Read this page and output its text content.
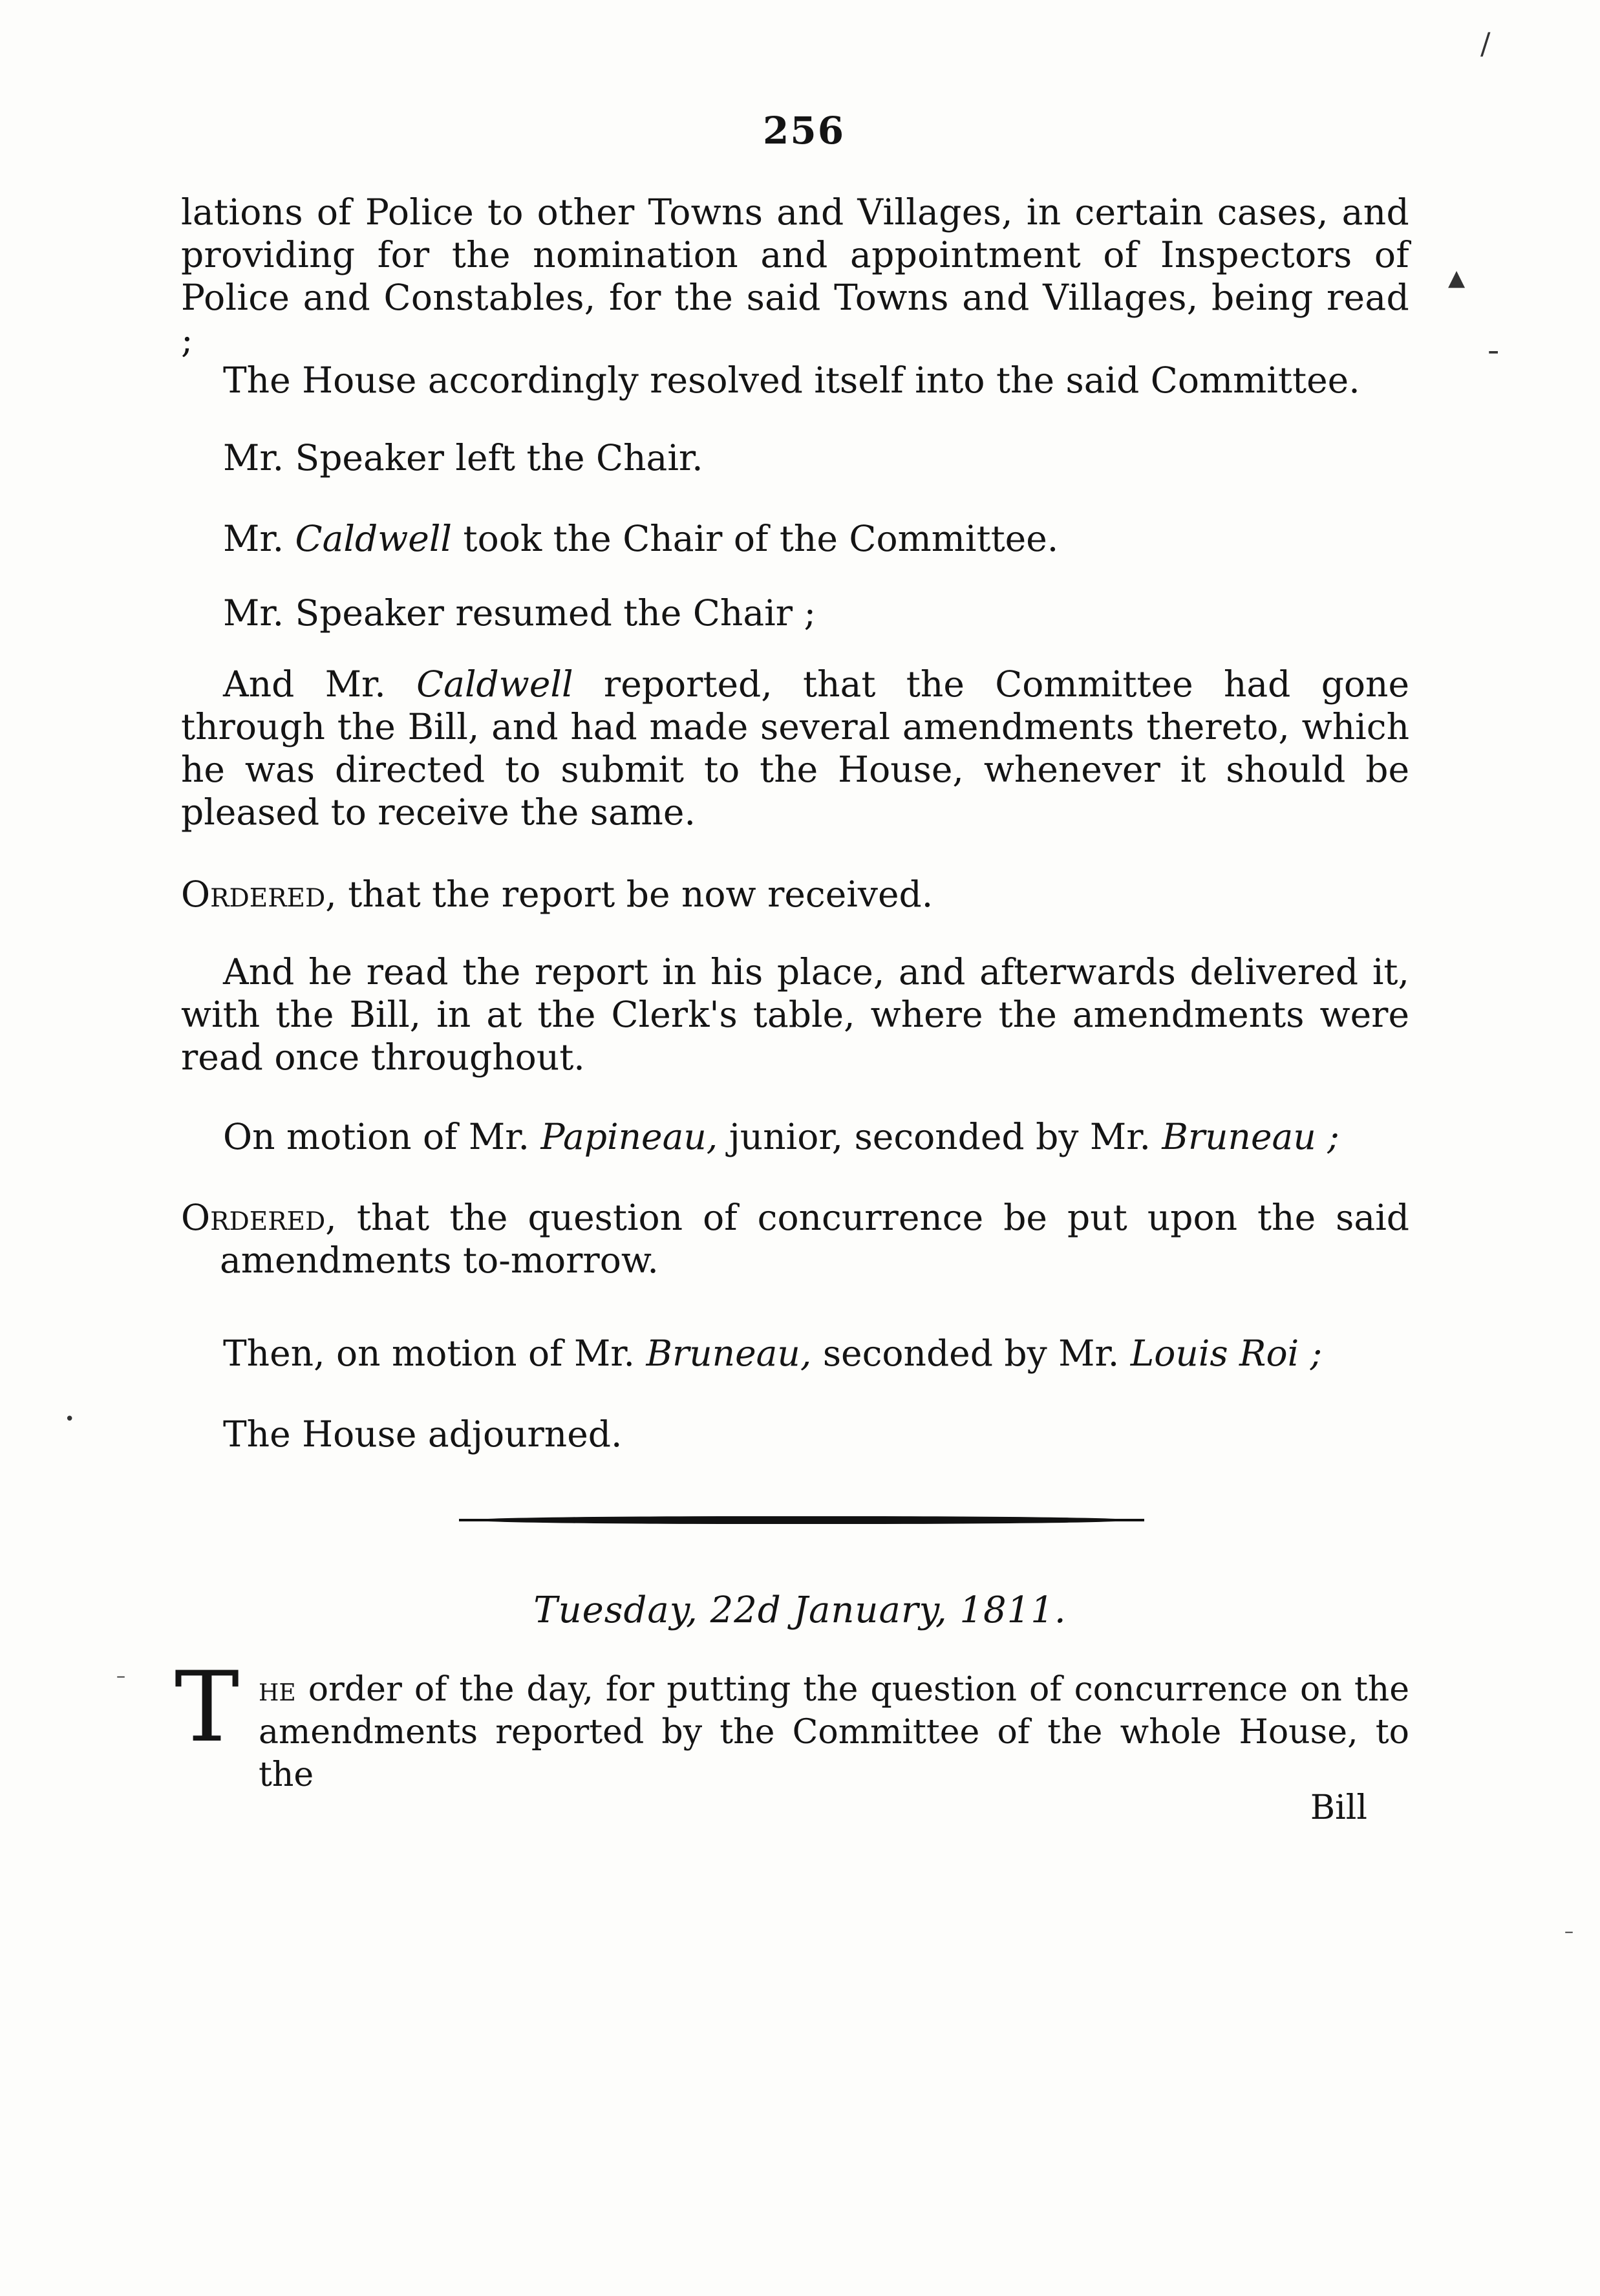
256

lations of Police to other Towns and Villages, in certain cases, and providing for the nomination and appointment of Inspectors of Police and Constables, for the said Towns and Villages, being read ;

The House accordingly resolved itself into the said Committee.

Mr. Speaker left the Chair.

Mr. Caldwell took the Chair of the Committee.

Mr. Speaker resumed the Chair ;

And Mr. Caldwell reported, that the Committee had gone through the Bill, and had made several amendments thereto, which he was directed to submit to the House, whenever it should be pleased to receive the same.

Ordered, that the report be now received.

And he read the report in his place, and afterwards delivered it, with the Bill, in at the Clerk's table, where the amendments were read once throughout.

On motion of Mr. Papineau, junior, seconded by Mr. Bruneau ;

Ordered, that the question of concurrence be put upon the said amendments to-morrow.

Then, on motion of Mr. Bruneau, seconded by Mr. Louis Roi ;

The House adjourned.

Tuesday, 22d January, 1811.
T he order of the day, for putting the question of concurrence on the amendments reported by the Committee of the whole House, to the
Bill
/
▲
╶
•
–
–
